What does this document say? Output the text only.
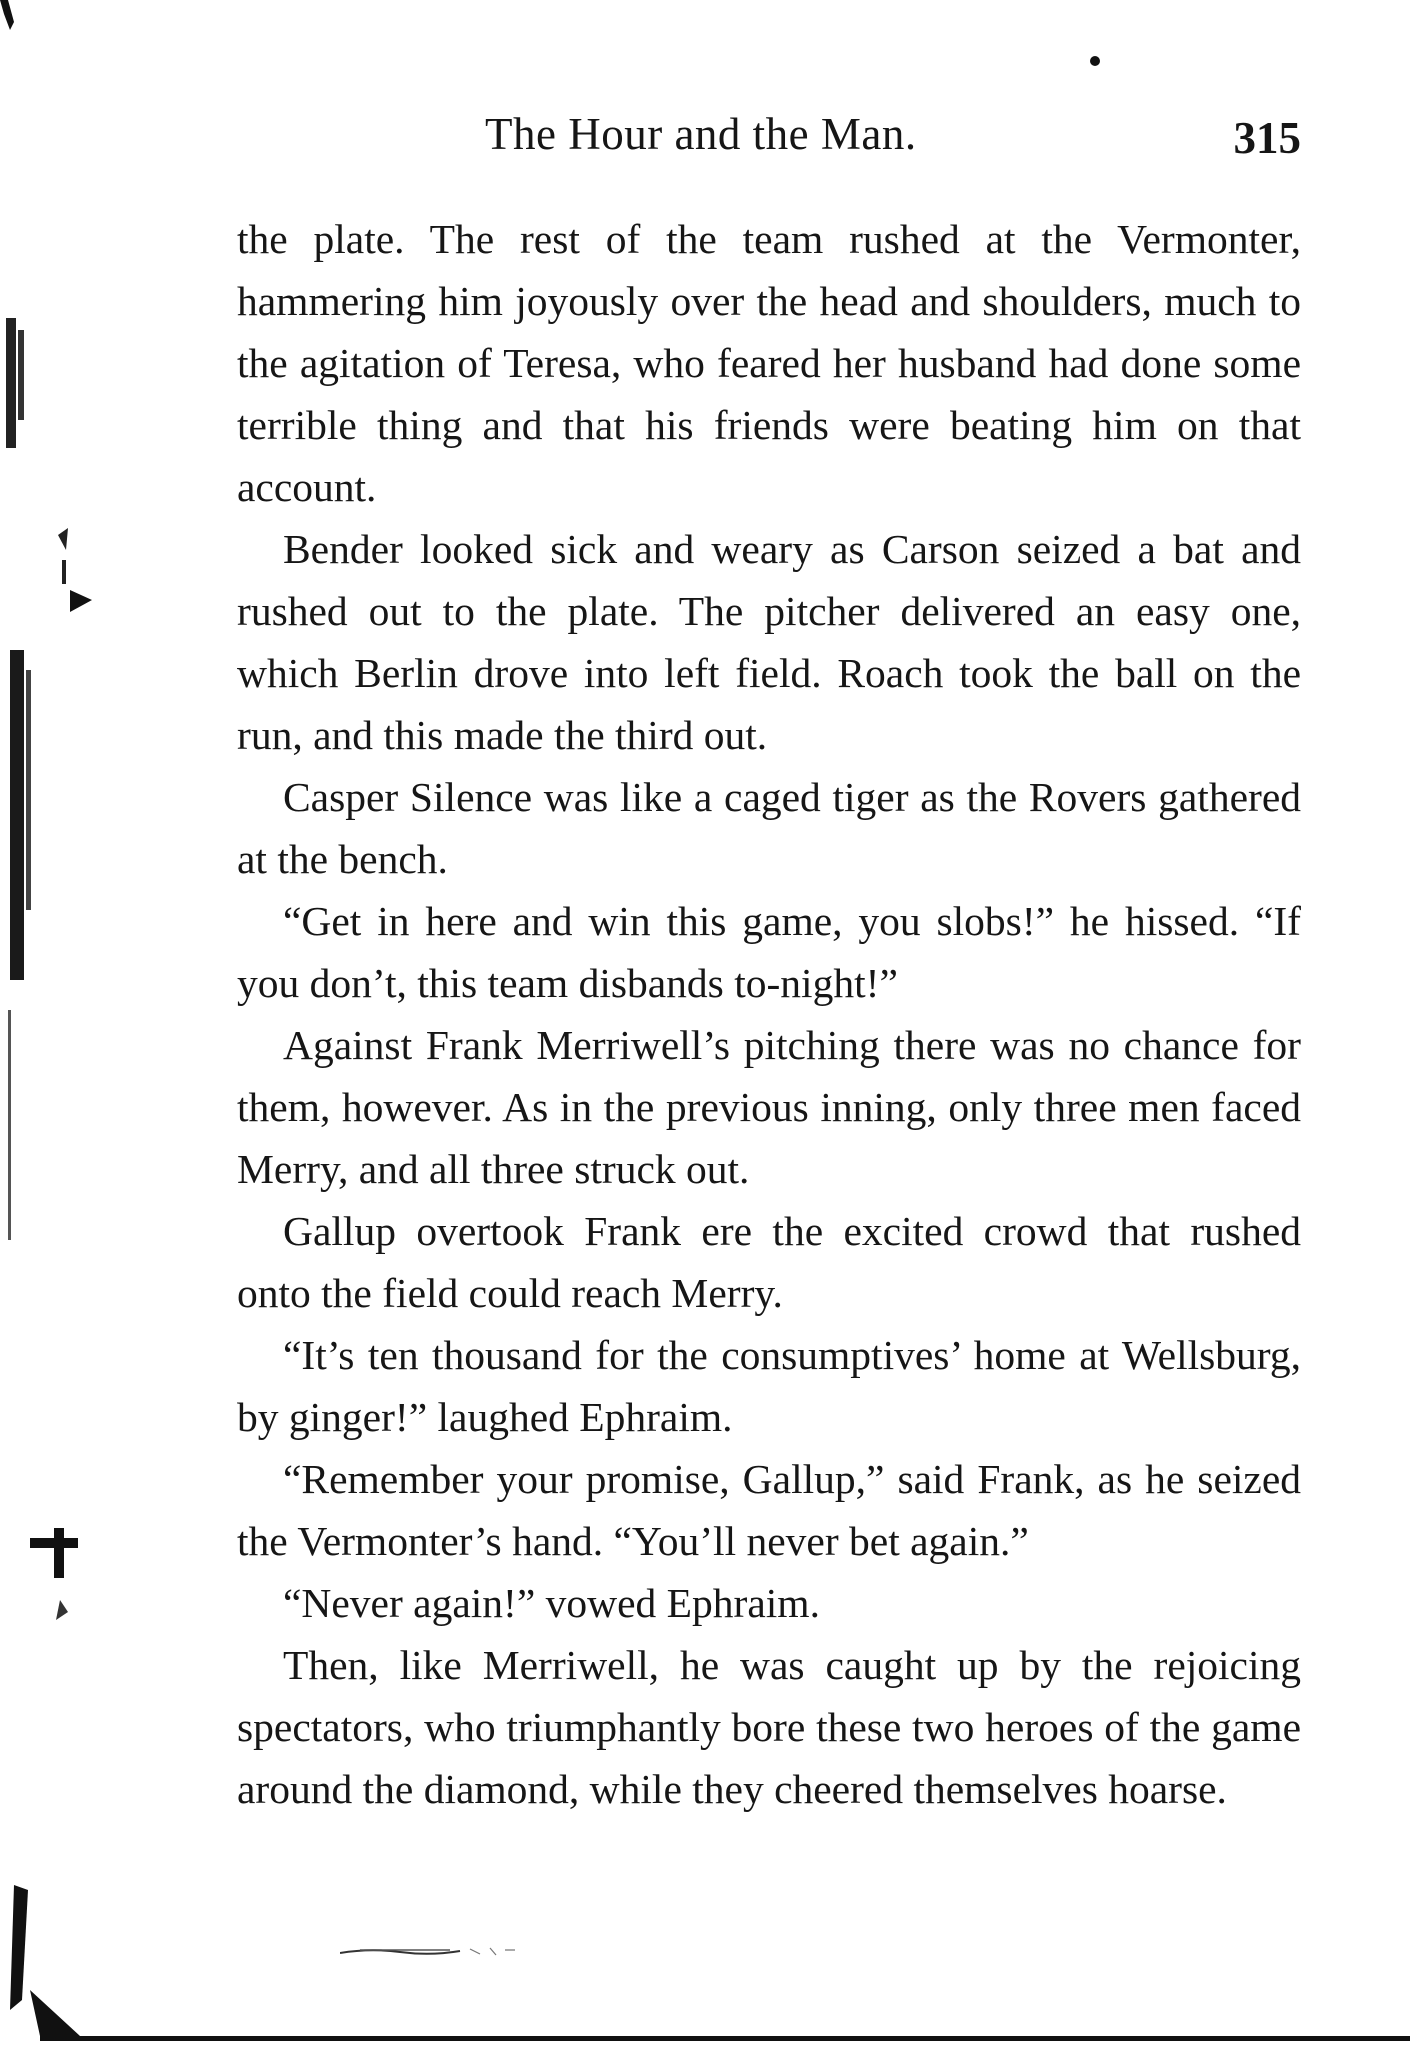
The Hour and the Man.	315

the plate. The rest of the team rushed at the Vermonter, hammering him joyously over the head and shoulders, much to the agitation of Teresa, who feared her husband had done some terrible thing and that his friends were beating him on that account.

Bender looked sick and weary as Carson seized a bat and rushed out to the plate. The pitcher delivered an easy one, which Berlin drove into left field. Roach took the ball on the run, and this made the third out.

Casper Silence was like a caged tiger as the Rovers gathered at the bench.

“Get in here and win this game, you slobs!” he hissed. “If you don’t, this team disbands to-night!”

Against Frank Merriwell’s pitching there was no chance for them, however. As in the previous inning, only three men faced Merry, and all three struck out.

Gallup overtook Frank ere the excited crowd that rushed onto the field could reach Merry.

“It’s ten thousand for the consumptives’ home at Wellsburg, by ginger!” laughed Ephraim.

“Remember your promise, Gallup,” said Frank, as he seized the Vermonter’s hand. “You’ll never bet again.”

“Never again!” vowed Ephraim.

Then, like Merriwell, he was caught up by the rejoicing spectators, who triumphantly bore these two heroes of the game around the diamond, while they cheered themselves hoarse.
